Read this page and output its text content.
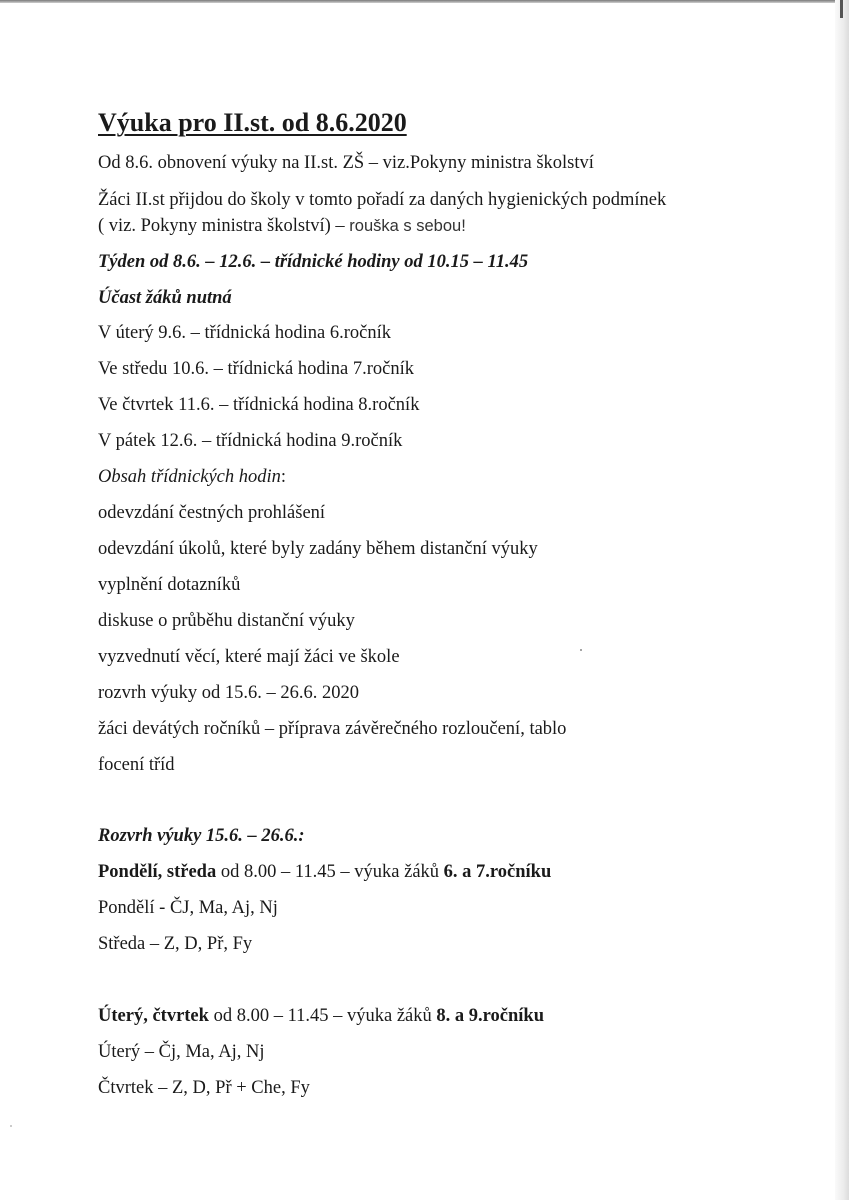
Výuka pro II.st. od 8.6.2020
Od 8.6. obnovení výuky na II.st. ZŠ – viz.Pokyny ministra školství
Žáci II.st přijdou do školy v tomto pořadí za daných hygienických podmínek
( viz. Pokyny ministra školství) – rouška s sebou!
Týden od 8.6. – 12.6. – třídnické hodiny od 10.15 – 11.45
Účast žáků nutná
V úterý 9.6. – třídnická hodina 6.ročník
Ve středu 10.6. – třídnická hodina 7.ročník
Ve čtvrtek 11.6. – třídnická hodina 8.ročník
V pátek 12.6. – třídnická hodina 9.ročník
Obsah třídnických hodin:
odevzdání čestných prohlášení
odevzdání úkolů, které byly zadány během distanční výuky
vyplnění dotazníků
diskuse o průběhu distanční výuky
vyzvednutí věcí, které mají žáci ve škole
rozvrh výuky od 15.6. – 26.6. 2020
žáci devátých ročníků – příprava závěrečného rozloučení, tablo
focení tříd
Rozvrh výuky 15.6. – 26.6.:
Pondělí, středa od 8.00 – 11.45 – výuka žáků 6. a 7.ročníku
Pondělí - ČJ, Ma, Aj, Nj
Středa – Z, D, Př, Fy
Úterý, čtvrtek od 8.00 – 11.45 – výuka žáků 8. a 9.ročníku
Úterý – Čj, Ma, Aj, Nj
Čtvrtek – Z, D, Př + Che, Fy
